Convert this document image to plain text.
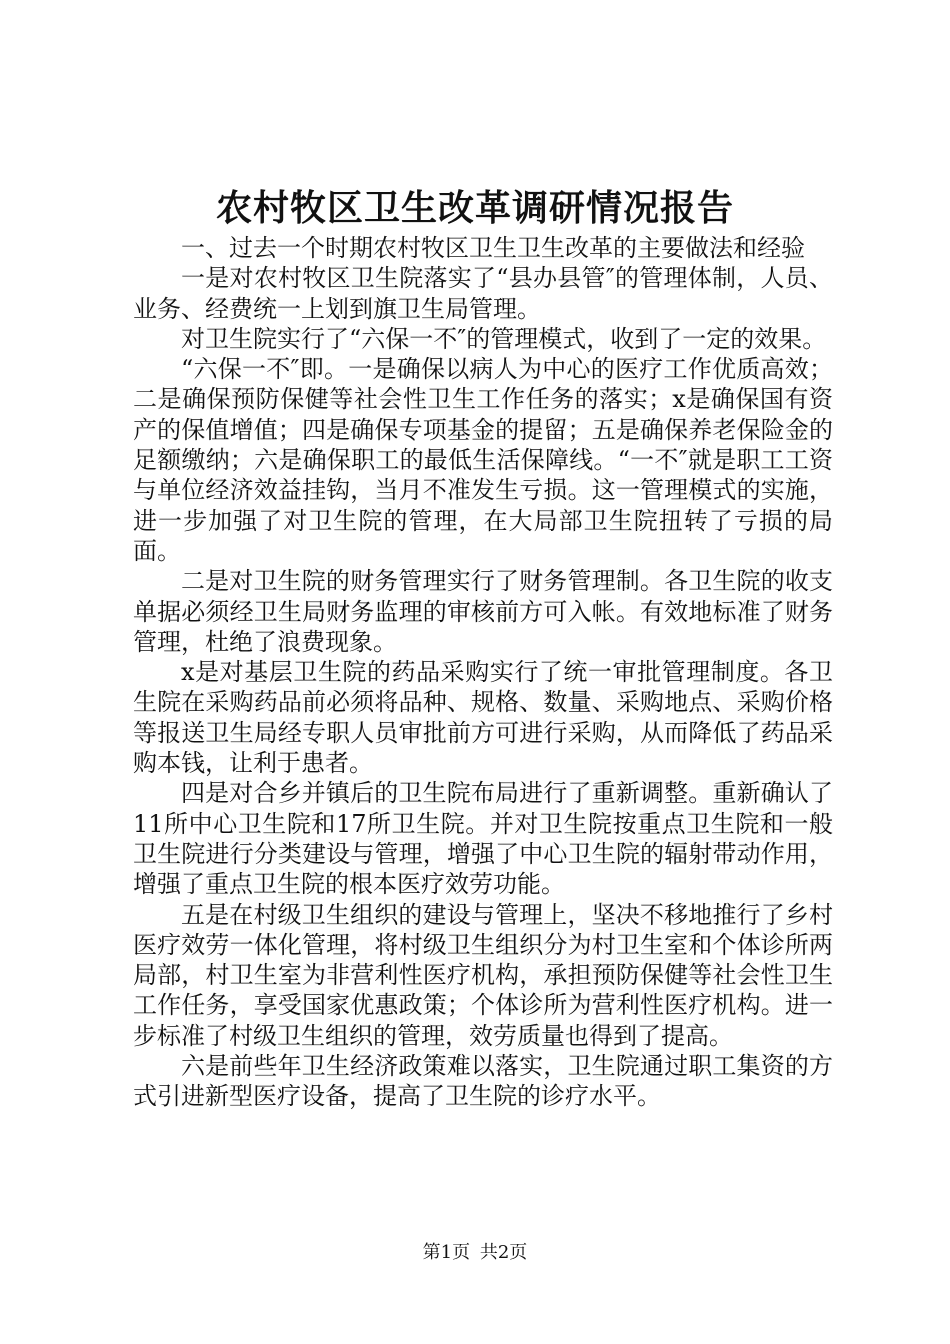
农村牧区卫生改革调研情况报告

一、过去一个时期农村牧区卫生卫生改革的主要做法和经验

一是对农村牧区卫生院落实了“县办县管″的管理体制，人员、业务、经费统一上划到旗卫生局管理。

对卫生院实行了“六保一不″的管理模式，收到了一定的效果。

“六保一不″即。一是确保以病人为中心的医疗工作优质高效；二是确保预防保健等社会性卫生工作任务的落实；x是确保国有资产的保值增值；四是确保专项基金的提留；五是确保养老保险金的足额缴纳；六是确保职工的最低生活保障线。“一不″就是职工工资与单位经济效益挂钩，当月不准发生亏损。这一管理模式的实施，进一步加强了对卫生院的管理，在大局部卫生院扭转了亏损的局面。

二是对卫生院的财务管理实行了财务管理制。各卫生院的收支单据必须经卫生局财务监理的审核前方可入帐。有效地标准了财务管理，杜绝了浪费现象。

x是对基层卫生院的药品采购实行了统一审批管理制度。各卫生院在采购药品前必须将品种、规格、数量、采购地点、采购价格等报送卫生局经专职人员审批前方可进行采购，从而降低了药品采购本钱，让利于患者。

四是对合乡并镇后的卫生院布局进行了重新调整。重新确认了11所中心卫生院和17所卫生院。并对卫生院按重点卫生院和一般卫生院进行分类建设与管理，增强了中心卫生院的辐射带动作用，增强了重点卫生院的根本医疗效劳功能。

五是在村级卫生组织的建设与管理上，坚决不移地推行了乡村医疗效劳一体化管理，将村级卫生组织分为村卫生室和个体诊所两局部，村卫生室为非营利性医疗机构，承担预防保健等社会性卫生工作任务，享受国家优惠政策；个体诊所为营利性医疗机构。进一步标准了村级卫生组织的管理，效劳质量也得到了提高。

六是前些年卫生经济政策难以落实，卫生院通过职工集资的方式引进新型医疗设备，提高了卫生院的诊疗水平。

第1页 共2页
